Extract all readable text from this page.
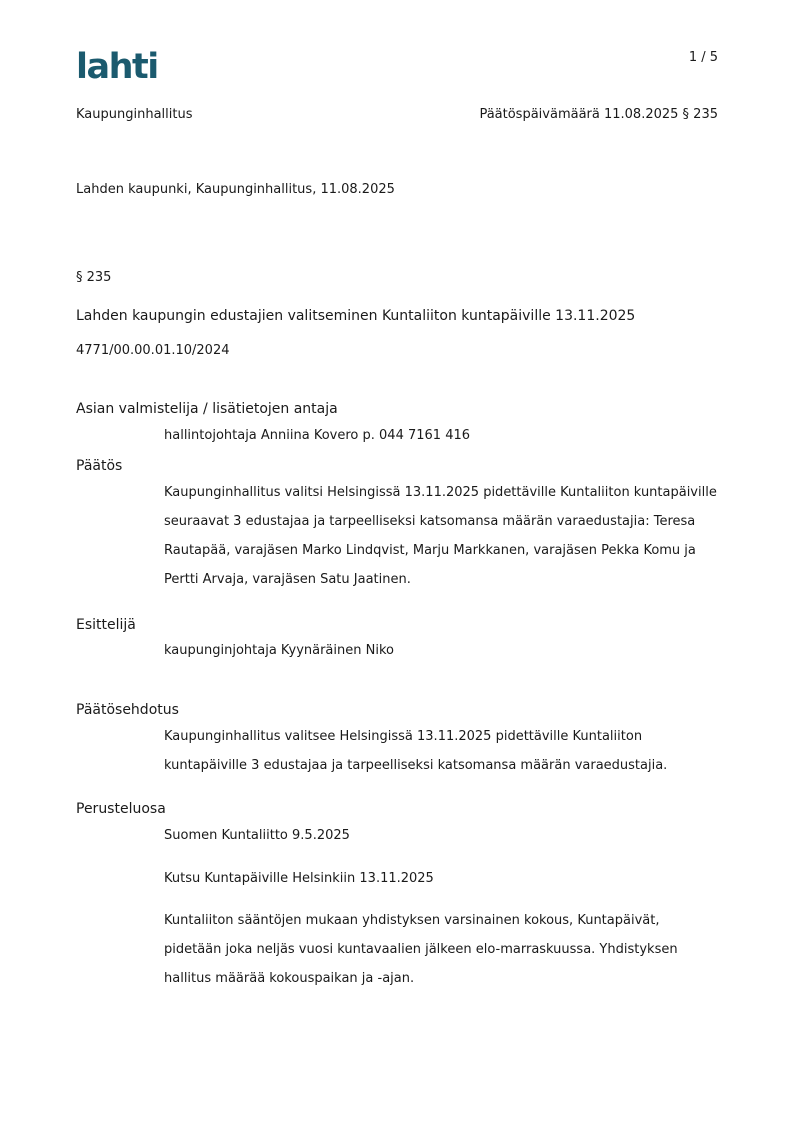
lahti	1 / 5
Kaupunginhallitus	Päätöspäivämäärä 11.08.2025 § 235
Lahden kaupunki, Kaupunginhallitus, 11.08.2025
§ 235
Lahden kaupungin edustajien valitseminen Kuntaliiton kuntapäiville 13.11.2025
4771/00.00.01.10/2024
Asian valmistelija / lisätietojen antaja
hallintojohtaja Anniina Kovero p. 044 7161 416
Päätös
Kaupunginhallitus valitsi Helsingissä 13.11.2025 pidettäville Kuntaliiton kuntapäiville
seuraavat 3 edustajaa ja tarpeelliseksi katsomansa määrän varaedustajia: Teresa
Rautapää, varajäsen Marko Lindqvist, Marju Markkanen, varajäsen Pekka Komu ja
Pertti Arvaja, varajäsen Satu Jaatinen.
Esittelijä
kaupunginjohtaja Kyynäräinen Niko
Päätösehdotus
Kaupunginhallitus valitsee Helsingissä 13.11.2025 pidettäville Kuntaliiton
kuntapäiville 3 edustajaa ja tarpeelliseksi katsomansa määrän varaedustajia.
Perusteluosa
Suomen Kuntaliitto 9.5.2025
Kutsu Kuntapäiville Helsinkiin 13.11.2025
Kuntaliiton sääntöjen mukaan yhdistyksen varsinainen kokous, Kuntapäivät,
pidetään joka neljäs vuosi kuntavaalien jälkeen elo-marraskuussa. Yhdistyksen
hallitus määrää kokouspaikan ja -ajan.
